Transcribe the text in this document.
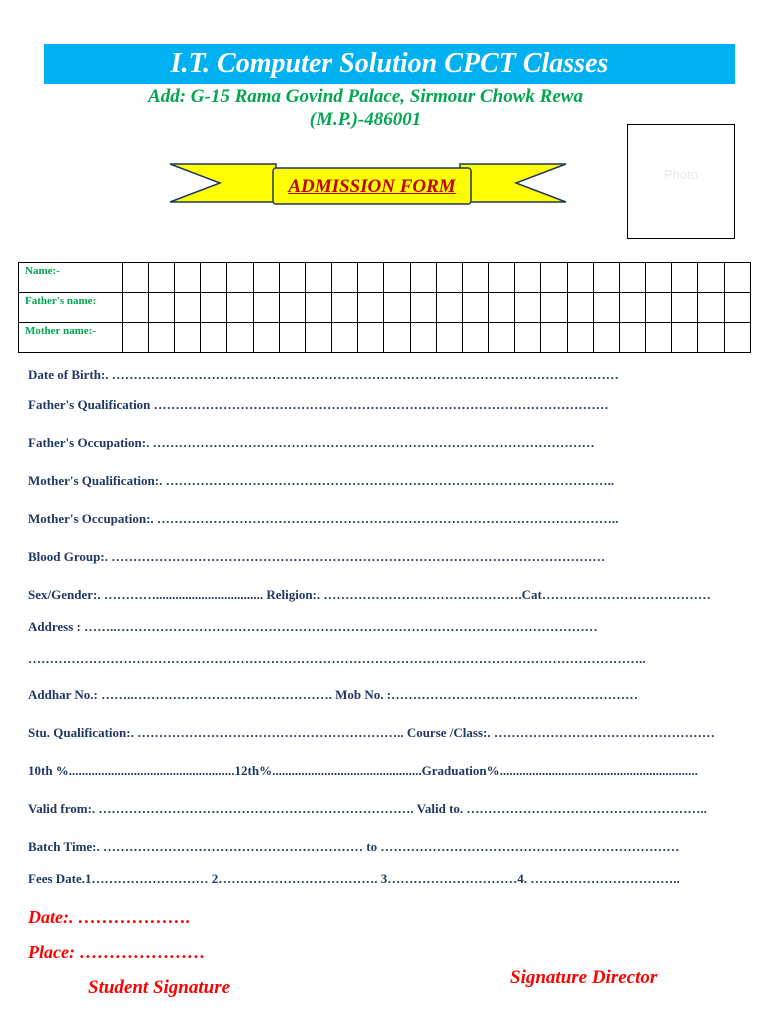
I.T. Computer Solution CPCT Classes
Add: G-15 Rama Govind Palace, Sirmour Chowk Rewa
(M.P.)-486001
Photo
ADMISSION FORM
Name:-																								
Father's name:																								
Mother name:-																								
Date of Birth:. ………………………………………………………………………………………………………
Father's Qualification ……………………………………………………………………………………………
Father's Occupation:. …………………………………………………………………………………………
Mother's Qualification:. …………………………………………………………………………………………..
Mother's Occupation:. ……………………………………………………………………………………………..
Blood Group:. ……………………………………………………………………………………………………
Sex/Gender:. …………................................. Religion:. ……………………………………….Cat…………………………………
Address : ……..…………………………………………………………………………………………………
……………………………………………………………………………………………………………………………..
Addhar No.: ……..………………………………………. Mob No. :…………………………………………………
Stu. Qualification:. …………………………………………………….. Course /Class:. ……………………………………………
10th %...................................................12th%..............................................Graduation%.............................................................
Valid from:. ………………………………………………………………. Valid to. ………………………………………………..
Batch Time:. …………………………………………………… to ……………………………………………………………
Fees Date.1……………………… 2………………………………. 3…………………………4. ……………………………..
Date:. ……………….
Place: …………………
Student Signature	Signature Director
